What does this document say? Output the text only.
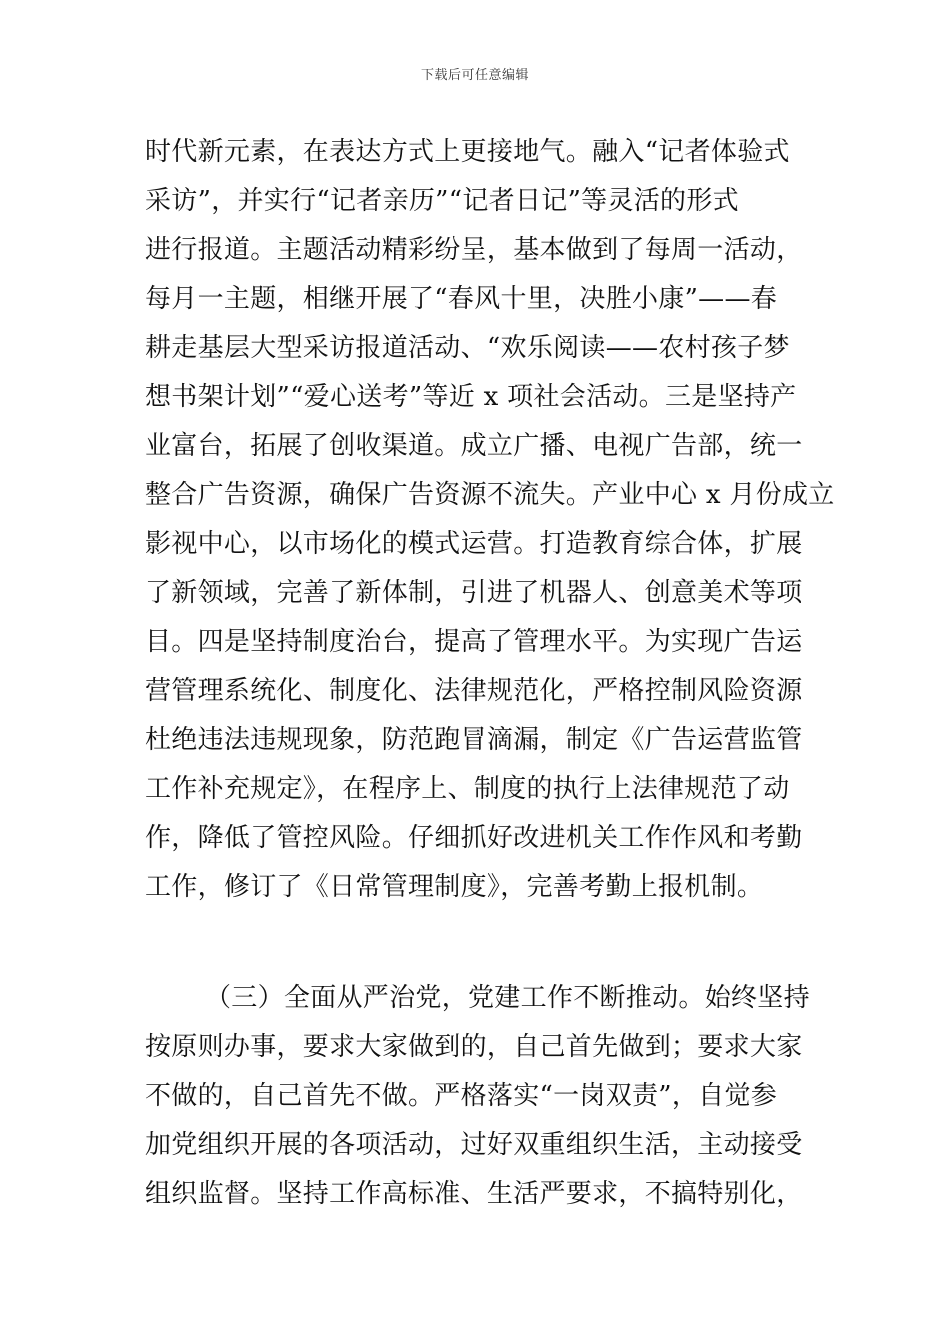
下载后可任意编辑
时代新元素，在表达方式上更接地气。融入“记者体验式
采访”，并实行“记者亲历”“记者日记”等灵活的形式
进行报道。主题活动精彩纷呈，基本做到了每周一活动，
每月一主题，相继开展了“春风十里，决胜小康”——春
耕走基层大型采访报道活动、“欢乐阅读——农村孩子梦
想书架计划”“爱心送考”等近 x 项社会活动。三是坚持产
业富台，拓展了创收渠道。成立广播、电视广告部，统一
整合广告资源，确保广告资源不流失。产业中心 x 月份成立
影视中心，以市场化的模式运营。打造教育综合体，扩展
了新领域，完善了新体制，引进了机器人、创意美术等项
目。四是坚持制度治台，提高了管理水平。为实现广告运
营管理系统化、制度化、法律规范化，严格控制风险资源
杜绝违法违规现象，防范跑冒滴漏，制定《广告运营监管
工作补充规定》，在程序上、制度的执行上法律规范了动
作，降低了管控风险。仔细抓好改进机关工作作风和考勤
工作，修订了《日常管理制度》，完善考勤上报机制。
（三）全面从严治党，党建工作不断推动。始终坚持
按原则办事，要求大家做到的，自己首先做到；要求大家
不做的，自己首先不做。严格落实“一岗双责”，自觉参
加党组织开展的各项活动，过好双重组织生活，主动接受
组织监督。坚持工作高标准、生活严要求，不搞特别化，
